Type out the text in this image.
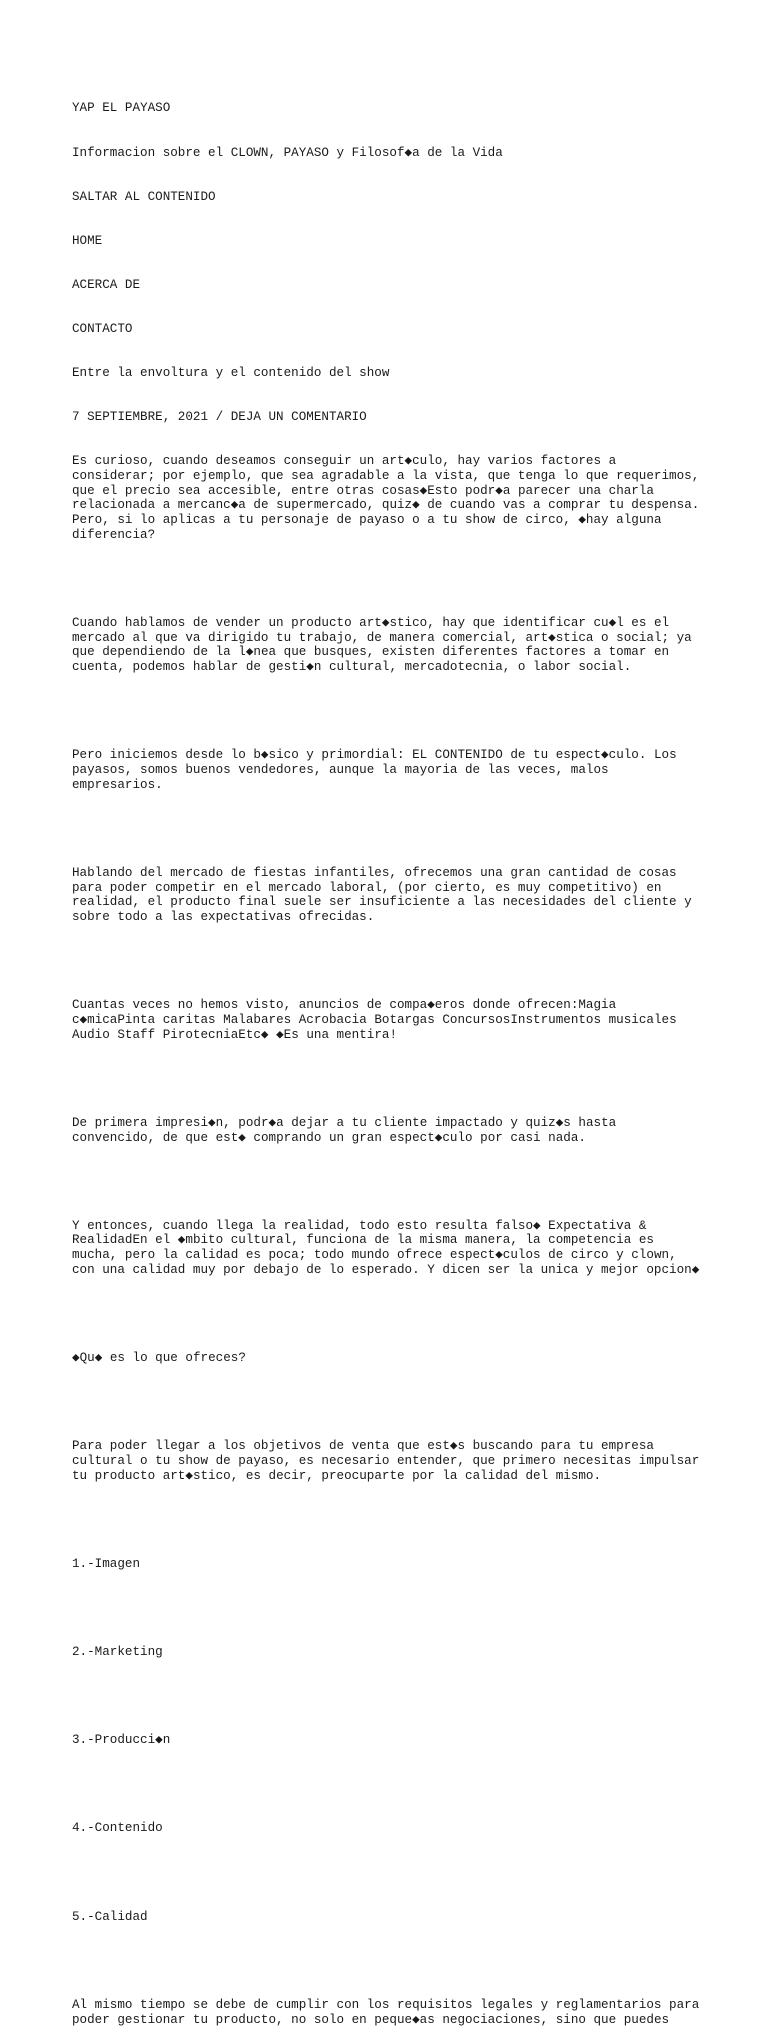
YAP EL PAYASO

Informacion sobre el CLOWN, PAYASO y Filosof◆a de la Vida

SALTAR AL CONTENIDO

HOME

ACERCA DE

CONTACTO

Entre la envoltura y el contenido del show

7 SEPTIEMBRE, 2021 / DEJA UN COMENTARIO

Es curioso, cuando deseamos conseguir un art◆culo, hay varios factores a
considerar; por ejemplo, que sea agradable a la vista, que tenga lo que requerimos,
que el precio sea accesible, entre otras cosas◆Esto podr◆a parecer una charla
relacionada a mercanc◆a de supermercado, quiz◆ de cuando vas a comprar tu despensa.
Pero, si lo aplicas a tu personaje de payaso o a tu show de circo, ◆hay alguna
diferencia?

Cuando hablamos de vender un producto art◆stico, hay que identificar cu◆l es el
mercado al que va dirigido tu trabajo, de manera comercial, art◆stica o social; ya
que dependiendo de la l◆nea que busques, existen diferentes factores a tomar en
cuenta, podemos hablar de gesti◆n cultural, mercadotecnia, o labor social.

Pero iniciemos desde lo b◆sico y primordial: EL CONTENIDO de tu espect◆culo. Los
payasos, somos buenos vendedores, aunque la mayoria de las veces, malos
empresarios.

Hablando del mercado de fiestas infantiles, ofrecemos una gran cantidad de cosas
para poder competir en el mercado laboral, (por cierto, es muy competitivo) en
realidad, el producto final suele ser insuficiente a las necesidades del cliente y
sobre todo a las expectativas ofrecidas.

Cuantas veces no hemos visto, anuncios de compa◆eros donde ofrecen:Magia
c◆micaPinta caritas Malabares Acrobacia Botargas ConcursosInstrumentos musicales
Audio Staff PirotecniaEtc◆ ◆Es una mentira!

De primera impresi◆n, podr◆a dejar a tu cliente impactado y quiz◆s hasta
convencido, de que est◆ comprando un gran espect◆culo por casi nada.

Y entonces, cuando llega la realidad, todo esto resulta falso◆ Expectativa &
RealidadEn el ◆mbito cultural, funciona de la misma manera, la competencia es
mucha, pero la calidad es poca; todo mundo ofrece espect◆culos de circo y clown,
con una calidad muy por debajo de lo esperado. Y dicen ser la unica y mejor opcion◆

◆Qu◆ es lo que ofreces?

Para poder llegar a los objetivos de venta que est◆s buscando para tu empresa
cultural o tu show de payaso, es necesario entender, que primero necesitas impulsar
tu producto art◆stico, es decir, preocuparte por la calidad del mismo.

1.-Imagen

2.-Marketing

3.-Producci◆n

4.-Contenido

5.-Calidad

Al mismo tiempo se debe de cumplir con los requisitos legales y reglamentarios para
poder gestionar tu producto, no solo en peque◆as negociaciones, sino que puedes
